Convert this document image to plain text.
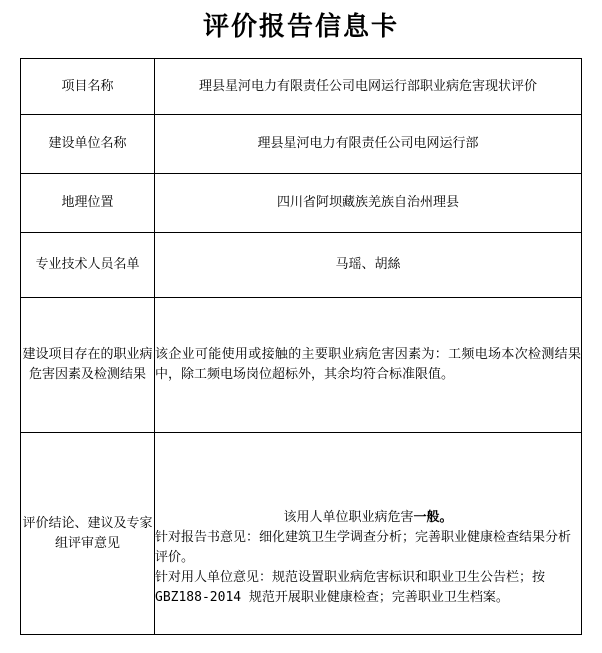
评价报告信息卡
项目名称	理县星河电力有限责任公司电网运行部职业病危害现状评价
建设单位名称	理县星河电力有限责任公司电网运行部
地理位置	四川省阿坝藏族羌族自治州理县
专业技术人员名单	马瑶、胡絲
建设项目存在的职业病危害因素及检测结果	该企业可能使用或接触的主要职业病危害因素为：工频电场本次检测结果中，除工频电场岗位超标外，其余均符合标准限值。

评价结论、建议及专家组评审意见	该用人单位职业病危害一般。
针对报告书意见：细化建筑卫生学调查分析；完善职业健康检查结果分析评价。
针对用人单位意见：规范设置职业病危害标识和职业卫生公告栏；按 GBZ188-2014 规范开展职业健康检查；完善职业卫生档案。
